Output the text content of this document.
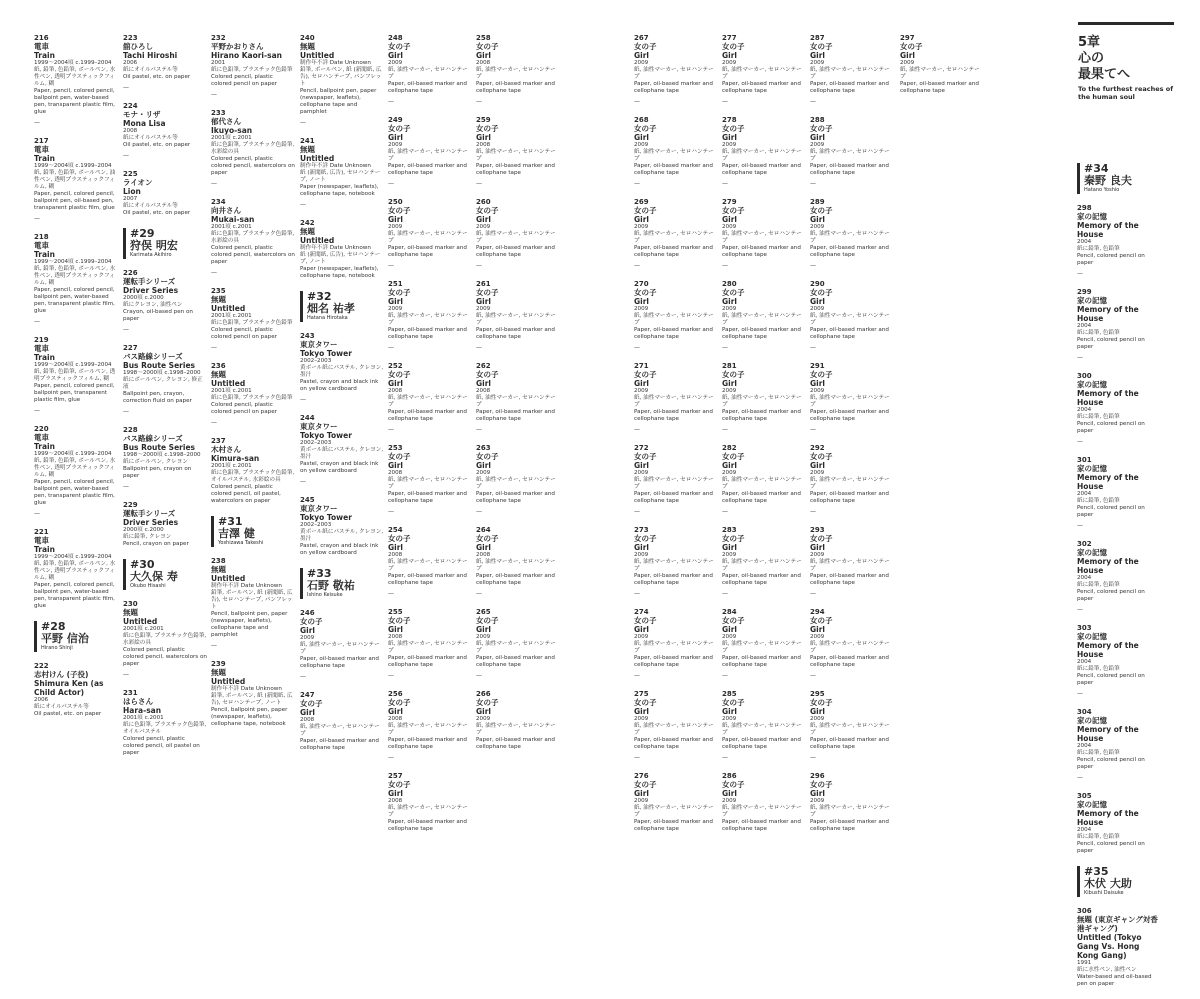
5章
心の
最果てへ
To the furthest reaches of the human soul
216
電車
Train
1999〜2004頃 c.1999–2004
紙, 鉛筆, 色鉛筆, ボールペン, 水性ペン, 透明プラスティックフィルム, 糊
Paper, pencil, colored pencil, ballpoint pen, water-based pen, transparent plastic film, glue
—
217
電車
Train
1999〜2004頃 c.1999–2004
紙, 鉛筆, 色鉛筆, ボールペン, 油性ペン, 透明プラスティックフィルム, 糊
Paper, pencil, colored pencil, ballpoint pen, oil-based pen, transparent plastic film, glue
—
218
電車
Train
1999〜2004頃 c.1999–2004
紙, 鉛筆, 色鉛筆, ボールペン, 水性ペン, 透明プラスティックフィルム, 糊
Paper, pencil, colored pencil, ballpoint pen, water-based pen, transparent plastic film, glue
—
219
電車
Train
1999〜2004頃 c.1999–2004
紙, 鉛筆, 色鉛筆, ボールペン, 透明プラスティックフィルム, 糊
Paper, pencil, colored pencil, ballpoint pen, transparent plastic film, glue
—
220
電車
Train
1999〜2004頃 c.1999–2004
紙, 鉛筆, 色鉛筆, ボールペン, 水性ペン, 透明プラスティックフィルム, 糊
Paper, pencil, colored pencil, ballpoint pen, water-based pen, transparent plastic film, glue
—
221
電車
Train
1999〜2004頃 c.1999–2004
紙, 鉛筆, 色鉛筆, ボールペン, 水性ペン, 透明プラスティックフィルム, 糊
Paper, pencil, colored pencil, ballpoint pen, water-based pen, transparent plastic film, glue
#28
平野 信治
Hirano Shinji
222
志村けん (子役)
Shimura Ken (as Child Actor)
2006
紙にオイルパステル等
Oil pastel, etc. on paper
223
舘ひろし
Tachi Hiroshi
2006
紙にオイルパステル等
Oil pastel, etc. on paper
—
224
モナ・リザ
Mona Lisa
2008
紙にオイルパステル等
Oil pastel, etc. on paper
—
225
ライオン
Lion
2007
紙にオイルパステル等
Oil pastel, etc. on paper
#29
狩俣 明宏
Karimata Akihiro
226
運転手シリーズ
Driver Series
2000頃 c.2000
紙にクレヨン, 油性ペン
Crayon, oil-based pen on paper
—
227
バス路線シリーズ
Bus Route Series
1998〜2000頃 c.1998–2000
紙にボールペン, クレヨン, 修正液
Ballpoint pen, crayon, correction fluid on paper
—
228
バス路線シリーズ
Bus Route Series
1998〜2000頃 c.1998–2000
紙にボールペン, クレヨン
Ballpoint pen, crayon on paper
—
229
運転手シリーズ
Driver Series
2000頃 c.2000
紙に鉛筆, クレヨン
Pencil, crayon on paper
#30
大久保 寿
Okubo Hisashi
230
無題
Untitled
2001頃 c.2001
紙に色鉛筆, プラスチック色鉛筆, 水彩絵の具
Colored pencil, plastic colored pencil, watercolors on paper
—
231
はらさん
Hara-san
2001頃 c.2001
紙に色鉛筆, プラスチック色鉛筆, オイルパステル
Colored pencil, plastic colored pencil, oil pastel on paper
232
平野かおりさん
Hirano Kaori-san
2001
紙に色鉛筆, プラスチック色鉛筆
Colored pencil, plastic colored pencil on paper
—
233
郁代さん
Ikuyo-san
2001頃 c.2001
紙に色鉛筆, プラスチック色鉛筆, 水彩絵の具
Colored pencil, plastic colored pencil, watercolors on paper
—
234
向井さん
Mukai-san
2001頃 c.2001
紙に色鉛筆, プラスチック色鉛筆, 水彩絵の具
Colored pencil, plastic colored pencil, watercolors on paper
—
235
無題
Untitled
2001頃 c.2001
紙に色鉛筆, プラスチック色鉛筆
Colored pencil, plastic colored pencil on paper
—
236
無題
Untitled
2001頃 c.2001
紙に色鉛筆, プラスチック色鉛筆
Colored pencil, plastic colored pencil on paper
—
237
木村さん
Kimura-san
2001頃 c.2001
紙に色鉛筆, プラスチック色鉛筆, オイルパステル, 水彩絵の具
Colored pencil, plastic colored pencil, oil pastel, watercolors on paper
#31
吉澤 健
Yoshizawa Takeshi
238
無題
Untitled
制作年不詳 Date Unknown
鉛筆, ボールペン, 紙 (新聞紙, 広告), セロハンテープ, パンフレット
Pencil, ballpoint pen, paper (newspaper, leaflets), cellophane tape and pamphlet
—
239
無題
Untitled
制作年不詳 Date Unknown
鉛筆, ボールペン, 紙 (新聞紙, 広告), セロハンテープ, ノート
Pencil, ballpoint pen, paper (newspaper, leaflets), cellophane tape, notebook
240
無題
Untitled
制作年不詳 Date Unknown
鉛筆, ボールペン, 紙 (新聞紙, 広告), セロハンテープ, パンフレット
Pencil, ballpoint pen, paper (newspaper, leaflets), cellophane tape and pamphlet
—
241
無題
Untitled
制作年不詳 Date Unknown
紙 (新聞紙, 広告), セロハンテープ, ノート
Paper (newspaper, leaflets), cellophane tape, notebook
—
242
無題
Untitled
制作年不詳 Date Unknown
紙 (新聞紙, 広告), セロハンテープ, ノート
Paper (newspaper, leaflets), cellophane tape, notebook
#32
畑名 祐孝
Hatana Hirotaka
243
東京タワー
Tokyo Tower
2002–2003
黄ボール紙にパステル, クレヨン, 墨汁
Pastel, crayon and black ink on yellow cardboard
—
244
東京タワー
Tokyo Tower
2002–2003
黄ボール紙にパステル, クレヨン, 墨汁
Pastel, crayon and black ink on yellow cardboard
—
245
東京タワー
Tokyo Tower
2002–2003
黄ボール紙にパステル, クレヨン, 墨汁
Pastel, crayon and black ink on yellow cardboard
#33
石野 敬祐
Ishino Keisuke
246
女の子
Girl
2009
紙, 油性マーカー, セロハンテープ
Paper, oil-based marker and cellophane tape
—
247
女の子
Girl
2008
紙, 油性マーカー, セロハンテープ
Paper, oil-based marker and cellophane tape
248
女の子
Girl
2009
紙, 油性マーカー, セロハンテープ
Paper, oil-based marker and cellophane tape
—
249
女の子
Girl
2009
紙, 油性マーカー, セロハンテープ
Paper, oil-based marker and cellophane tape
—
250
女の子
Girl
2009
紙, 油性マーカー, セロハンテープ
Paper, oil-based marker and cellophane tape
—
251
女の子
Girl
2009
紙, 油性マーカー, セロハンテープ
Paper, oil-based marker and cellophane tape
—
252
女の子
Girl
2008
紙, 油性マーカー, セロハンテープ
Paper, oil-based marker and cellophane tape
—
253
女の子
Girl
2008
紙, 油性マーカー, セロハンテープ
Paper, oil-based marker and cellophane tape
—
254
女の子
Girl
2008
紙, 油性マーカー, セロハンテープ
Paper, oil-based marker and cellophane tape
—
255
女の子
Girl
2008
紙, 油性マーカー, セロハンテープ
Paper, oil-based marker and cellophane tape
—
256
女の子
Girl
2008
紙, 油性マーカー, セロハンテープ
Paper, oil-based marker and cellophane tape
—
257
女の子
Girl
2008
紙, 油性マーカー, セロハンテープ
Paper, oil-based marker and cellophane tape
258
女の子
Girl
2008
紙, 油性マーカー, セロハンテープ
Paper, oil-based marker and cellophane tape
—
259
女の子
Girl
2008
紙, 油性マーカー, セロハンテープ
Paper, oil-based marker and cellophane tape
—
260
女の子
Girl
2009
紙, 油性マーカー, セロハンテープ
Paper, oil-based marker and cellophane tape
—
261
女の子
Girl
2009
紙, 油性マーカー, セロハンテープ
Paper, oil-based marker and cellophane tape
—
262
女の子
Girl
2008
紙, 油性マーカー, セロハンテープ
Paper, oil-based marker and cellophane tape
—
263
女の子
Girl
2009
紙, 油性マーカー, セロハンテープ
Paper, oil-based marker and cellophane tape
—
264
女の子
Girl
2008
紙, 油性マーカー, セロハンテープ
Paper, oil-based marker and cellophane tape
—
265
女の子
Girl
2009
紙, 油性マーカー, セロハンテープ
Paper, oil-based marker and cellophane tape
—
266
女の子
Girl
2009
紙, 油性マーカー, セロハンテープ
Paper, oil-based marker and cellophane tape
267
女の子
Girl
2009
紙, 油性マーカー, セロハンテープ
Paper, oil-based marker and cellophane tape
—
268
女の子
Girl
2009
紙, 油性マーカー, セロハンテープ
Paper, oil-based marker and cellophane tape
—
269
女の子
Girl
2009
紙, 油性マーカー, セロハンテープ
Paper, oil-based marker and cellophane tape
—
270
女の子
Girl
2009
紙, 油性マーカー, セロハンテープ
Paper, oil-based marker and cellophane tape
—
271
女の子
Girl
2009
紙, 油性マーカー, セロハンテープ
Paper, oil-based marker and cellophane tape
—
272
女の子
Girl
2009
紙, 油性マーカー, セロハンテープ
Paper, oil-based marker and cellophane tape
—
273
女の子
Girl
2009
紙, 油性マーカー, セロハンテープ
Paper, oil-based marker and cellophane tape
—
274
女の子
Girl
2009
紙, 油性マーカー, セロハンテープ
Paper, oil-based marker and cellophane tape
—
275
女の子
Girl
2009
紙, 油性マーカー, セロハンテープ
Paper, oil-based marker and cellophane tape
—
276
女の子
Girl
2009
紙, 油性マーカー, セロハンテープ
Paper, oil-based marker and cellophane tape
277
女の子
Girl
2009
紙, 油性マーカー, セロハンテープ
Paper, oil-based marker and cellophane tape
—
278
女の子
Girl
2009
紙, 油性マーカー, セロハンテープ
Paper, oil-based marker and cellophane tape
—
279
女の子
Girl
2009
紙, 油性マーカー, セロハンテープ
Paper, oil-based marker and cellophane tape
—
280
女の子
Girl
2009
紙, 油性マーカー, セロハンテープ
Paper, oil-based marker and cellophane tape
—
281
女の子
Girl
2009
紙, 油性マーカー, セロハンテープ
Paper, oil-based marker and cellophane tape
—
282
女の子
Girl
2009
紙, 油性マーカー, セロハンテープ
Paper, oil-based marker and cellophane tape
—
283
女の子
Girl
2009
紙, 油性マーカー, セロハンテープ
Paper, oil-based marker and cellophane tape
—
284
女の子
Girl
2009
紙, 油性マーカー, セロハンテープ
Paper, oil-based marker and cellophane tape
—
285
女の子
Girl
2009
紙, 油性マーカー, セロハンテープ
Paper, oil-based marker and cellophane tape
—
286
女の子
Girl
2009
紙, 油性マーカー, セロハンテープ
Paper, oil-based marker and cellophane tape
287
女の子
Girl
2009
紙, 油性マーカー, セロハンテープ
Paper, oil-based marker and cellophane tape
—
288
女の子
Girl
2009
紙, 油性マーカー, セロハンテープ
Paper, oil-based marker and cellophane tape
—
289
女の子
Girl
2009
紙, 油性マーカー, セロハンテープ
Paper, oil-based marker and cellophane tape
—
290
女の子
Girl
2009
紙, 油性マーカー, セロハンテープ
Paper, oil-based marker and cellophane tape
—
291
女の子
Girl
2009
紙, 油性マーカー, セロハンテープ
Paper, oil-based marker and cellophane tape
—
292
女の子
Girl
2009
紙, 油性マーカー, セロハンテープ
Paper, oil-based marker and cellophane tape
—
293
女の子
Girl
2009
紙, 油性マーカー, セロハンテープ
Paper, oil-based marker and cellophane tape
—
294
女の子
Girl
2009
紙, 油性マーカー, セロハンテープ
Paper, oil-based marker and cellophane tape
—
295
女の子
Girl
2009
紙, 油性マーカー, セロハンテープ
Paper, oil-based marker and cellophane tape
—
296
女の子
Girl
2009
紙, 油性マーカー, セロハンテープ
Paper, oil-based marker and cellophane tape
297
女の子
Girl
2009
紙, 油性マーカー, セロハンテープ
Paper, oil-based marker and cellophane tape
#34
秦野 良夫
Hatano Yoshio
298
家の記憶
Memory of the House
2004
紙に鉛筆, 色鉛筆
Pencil, colored pencil on paper
—
299
家の記憶
Memory of the House
2004
紙に鉛筆, 色鉛筆
Pencil, colored pencil on paper
—
300
家の記憶
Memory of the House
2004
紙に鉛筆, 色鉛筆
Pencil, colored pencil on paper
—
301
家の記憶
Memory of the House
2004
紙に鉛筆, 色鉛筆
Pencil, colored pencil on paper
—
302
家の記憶
Memory of the House
2004
紙に鉛筆, 色鉛筆
Pencil, colored pencil on paper
—
303
家の記憶
Memory of the House
2004
紙に鉛筆, 色鉛筆
Pencil, colored pencil on paper
—
304
家の記憶
Memory of the House
2004
紙に鉛筆, 色鉛筆
Pencil, colored pencil on paper
—
305
家の記憶
Memory of the House
2004
紙に鉛筆, 色鉛筆
Pencil, colored pencil on paper
#35
木伏 大助
Kibushi Daisuke
306
無題 (東京ギャング対香港ギャング)
Untitled (Tokyo Gang Vs. Hong Kong Gang)
1991
紙に水性ペン, 油性ペン
Water-based and oil-based pen on paper
